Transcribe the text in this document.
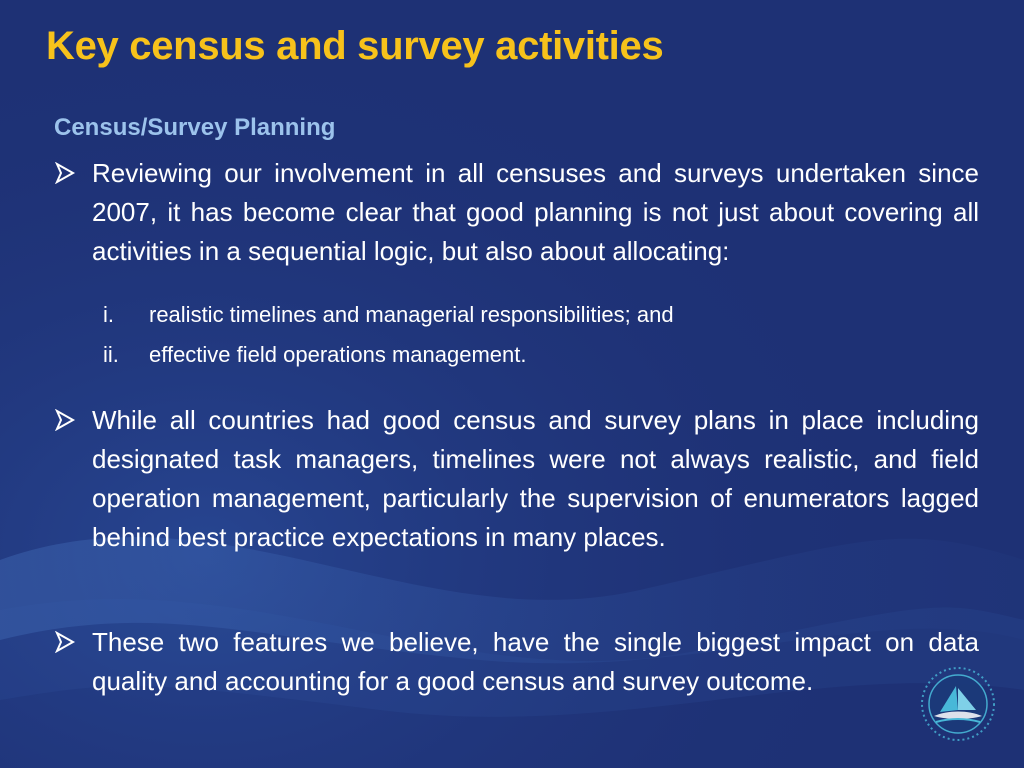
Key census and survey activities
Census/Survey Planning

Reviewing our involvement in all censuses and surveys undertaken since 2007, it has become clear that good planning is not just about covering all activities in a sequential logic, but also about allocating:

i. realistic timelines and managerial responsibilities; and
ii. effective field operations management.

While all countries had good census and survey plans in place including designated task managers, timelines were not always realistic, and field operation management, particularly the supervision of enumerators lagged behind best practice expectations in many places.

These two features we believe, have the single biggest impact on data quality and accounting for a good census and survey outcome.
